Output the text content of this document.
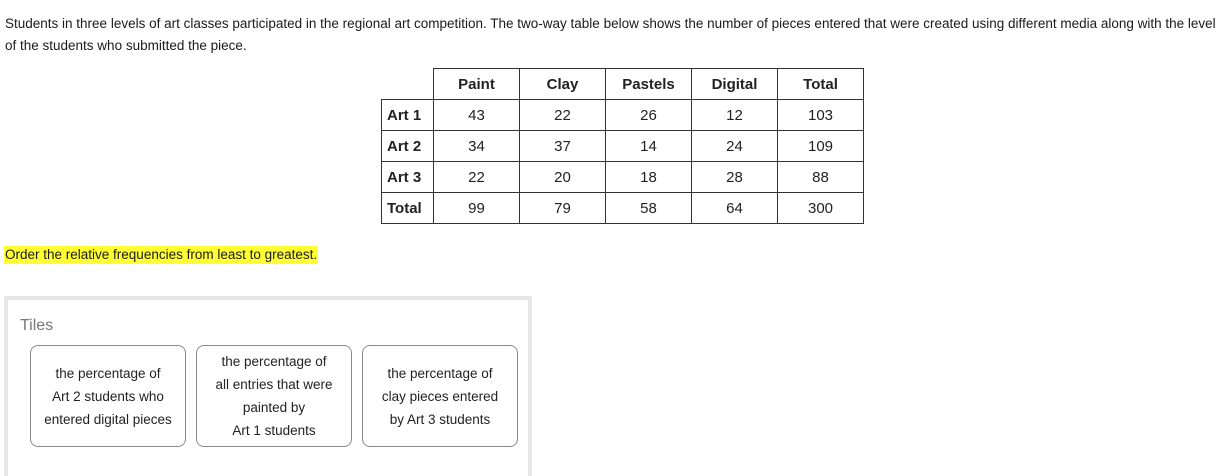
Students in three levels of art classes participated in the regional art competition. The two-way table below shows the number of pieces entered that were created using different media along with the level of the students who submitted the piece.
	Paint	Clay	Pastels	Digital	Total
Art 1	43	22	26	12	103
Art 2	34	37	14	24	109
Art 3	22	20	18	28	88
Total	99	79	58	64	300
Order the relative frequencies from least to greatest.
Tiles
the percentage of
Art 2 students who
entered digital pieces
the percentage of
all entries that were
painted by
Art 1 students
the percentage of
clay pieces entered
by Art 3 students
